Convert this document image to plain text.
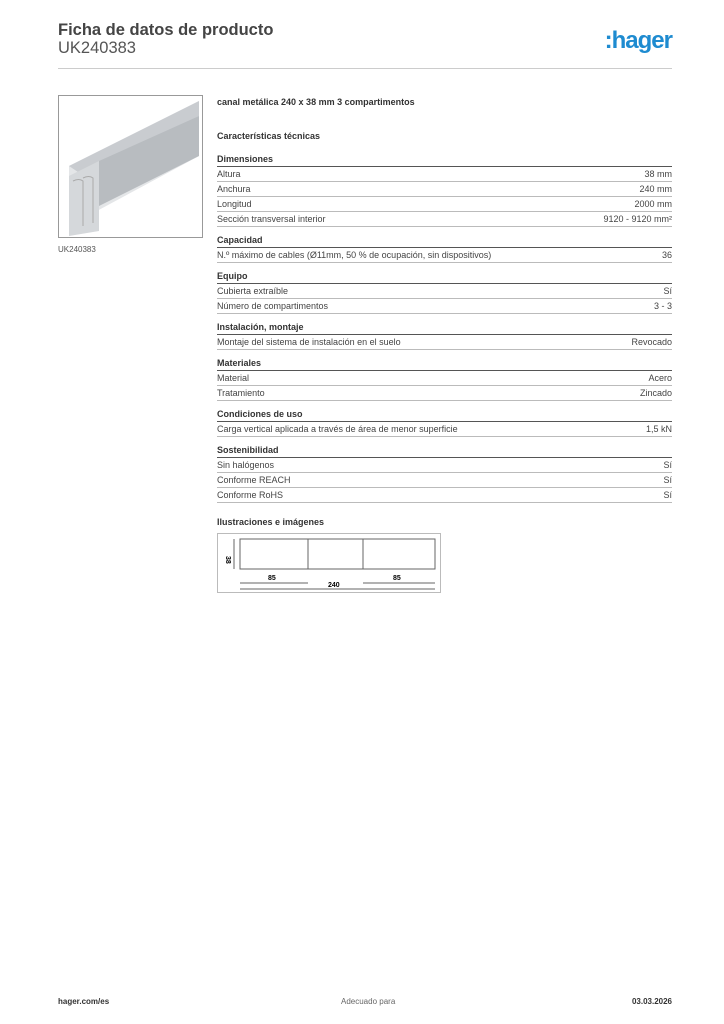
Ficha de datos de producto
UK240383	:hager
UK240383
canal metálica 240 x 38 mm 3 compartimentos
Características técnicas
Dimensiones
Altura	38 mm
Anchura	240 mm
Longitud	2000 mm
Sección transversal interior	9120 - 9120 mm²
Capacidad
N.º máximo de cables (Ø11mm, 50 % de ocupación, sin dispositivos)	36
Equipo
Cubierta extraíble	Sí
Número de compartimentos	3 - 3
Instalación, montaje
Montaje del sistema de instalación en el suelo	Revocado
Materiales
Material	Acero
Tratamiento	Zincado
Condiciones de uso
Carga vertical aplicada a través de área de menor superficie	1,5 kN
Sostenibilidad
Sin halógenos	Sí
Conforme REACH	Sí
Conforme RoHS	Sí
Ilustraciones e imágenes
38
85
240
85
hager.com/es	Adecuado para	03.03.2026
